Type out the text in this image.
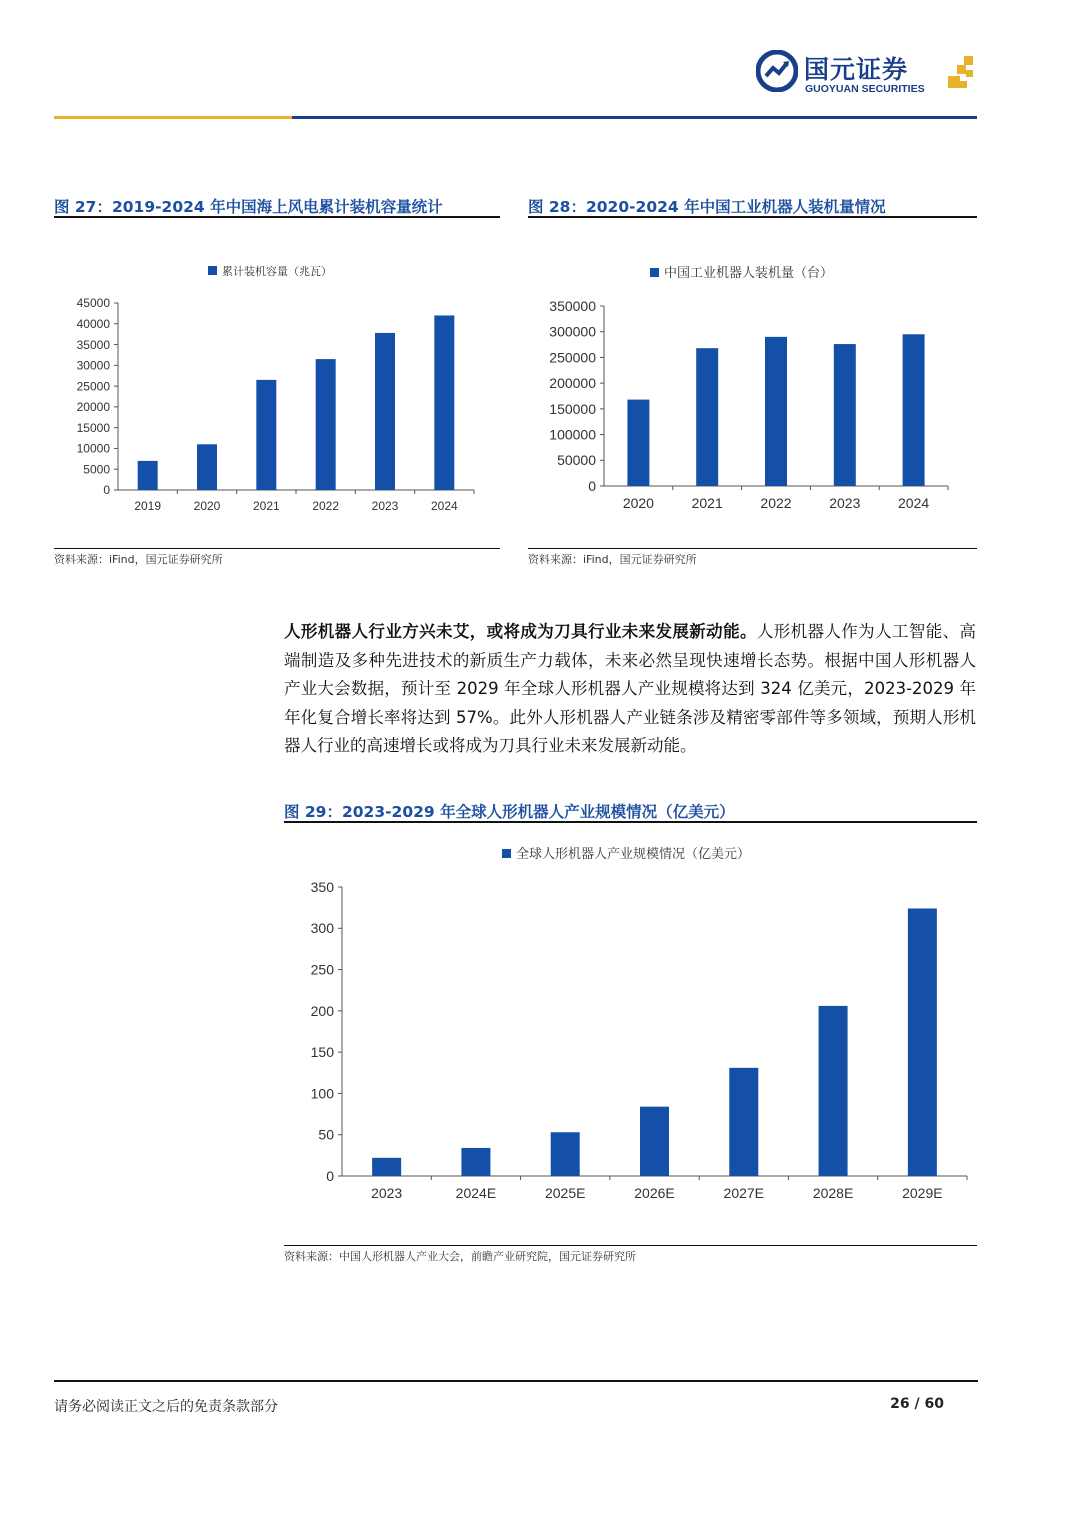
国元证券
GUOYUAN SECURITIES
图 27：2019-2024 年中国海上风电累计装机容量统计
累计装机容量（兆瓦）
0
5000
10000
15000
20000
25000
30000
35000
40000
45000
2019	2020	2021	2022	2023	2024
资料来源：iFind，国元证券研究所
图 28：2020-2024 年中国工业机器人装机量情况
中国工业机器人装机量（台）
0
50000
100000
150000
200000
250000
300000
350000
2020	2021	2022	2023	2024
资料来源：iFind，国元证券研究所
人形机器人行业方兴未艾，或将成为刀具行业未来发展新动能。人形机器人作为人工智能、高端制造及多种先进技术的新质生产力载体，未来必然呈现快速增长态势。根据中国人形机器人产业大会数据，预计至 2029 年全球人形机器人产业规模将达到 324 亿美元，2023-2029 年年化复合增长率将达到 57%。此外人形机器人产业链条涉及精密零部件等多领域，预期人形机器人行业的高速增长或将成为刀具行业未来发展新动能。
图 29：2023-2029 年全球人形机器人产业规模情况（亿美元）
全球人形机器人产业规模情况（亿美元）
0
50
100
150
200
250
300
350
2023	2024E	2025E	2026E	2027E	2028E	2029E
资料来源：中国人形机器人产业大会，前瞻产业研究院，国元证券研究所
请务必阅读正文之后的免责条款部分	26 / 60
